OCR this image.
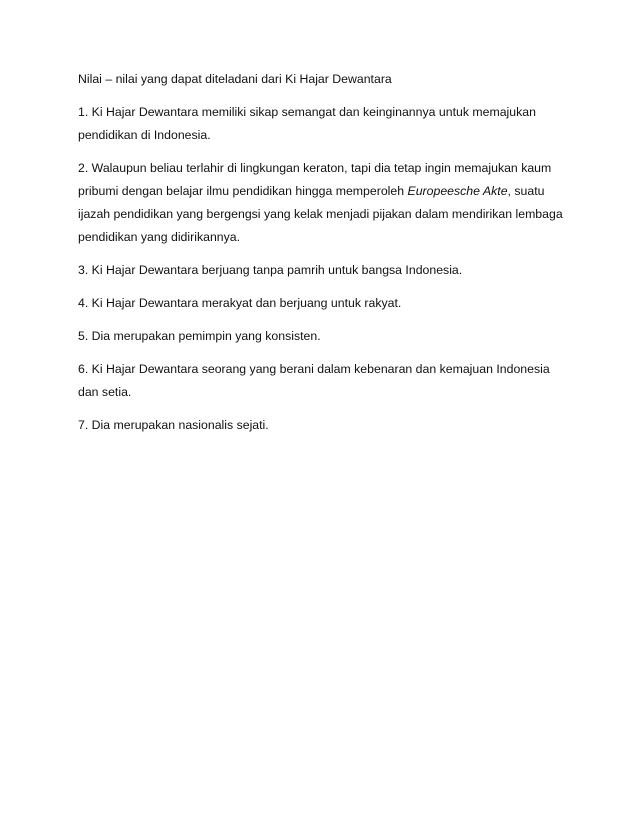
Nilai – nilai yang dapat diteladani dari Ki Hajar Dewantara

1. Ki Hajar Dewantara memiliki sikap semangat dan keinginannya untuk memajukan pendidikan di Indonesia.

2. Walaupun beliau terlahir di lingkungan keraton, tapi dia tetap ingin memajukan kaum pribumi dengan belajar ilmu pendidikan hingga memperoleh Europeesche Akte, suatu ijazah pendidikan yang bergengsi yang kelak menjadi pijakan dalam mendirikan lembaga pendidikan yang didirikannya.

3. Ki Hajar Dewantara berjuang tanpa pamrih untuk bangsa Indonesia.

4. Ki Hajar Dewantara merakyat dan berjuang untuk rakyat.

5. Dia merupakan pemimpin yang konsisten.

6. Ki Hajar Dewantara seorang yang berani dalam kebenaran dan kemajuan Indonesia dan setia.

7. Dia merupakan nasionalis sejati.
